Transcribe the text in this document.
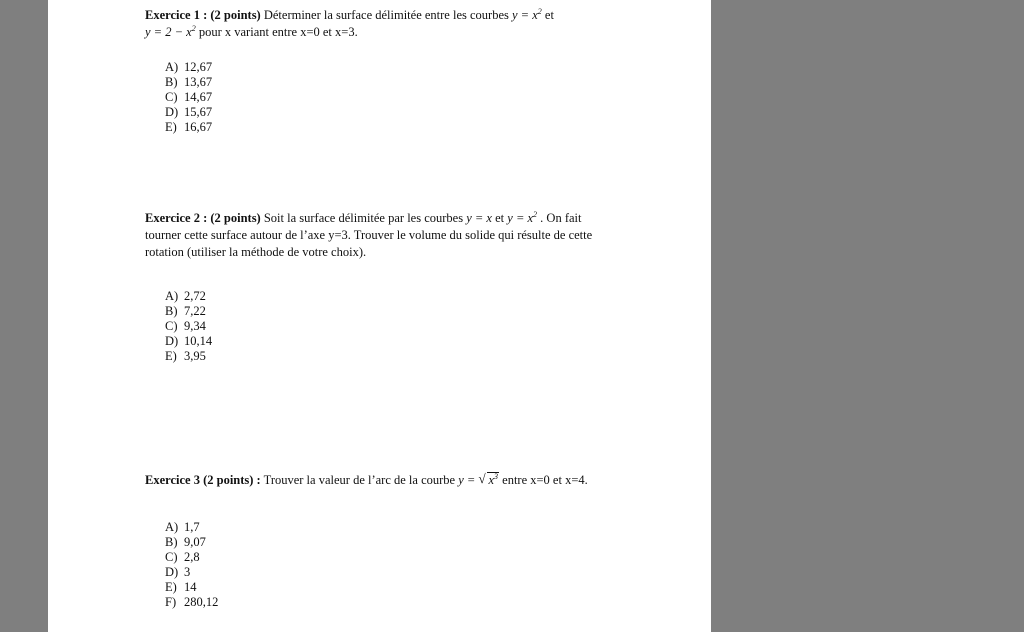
Exercice 1 : (2 points) Déterminer la surface délimitée entre les courbes $y = x^2$ et
$y = 2 - x^2$ pour x variant entre x=0 et x=3.
A) 12,67
B) 13,67
C) 14,67
D) 15,67
E) 16,67
Exercice 2 : (2 points) Soit la surface délimitée par les courbes y = x et $y = x^2$ . On fait tourner cette surface autour de l’axe y=3. Trouver le volume du solide qui résulte de cette rotation (utiliser la méthode de votre choix).
A) 2,72
B) 7,22
C) 9,34
D) 10,14
E) 3,95
Exercice 3 (2 points) : Trouver la valeur de l’arc de la courbe y = √ $x^3$ entre x=0 et x=4.
A) 1,7
B) 9,07
C) 2,8
D) 3
E) 14
F) 280,12
